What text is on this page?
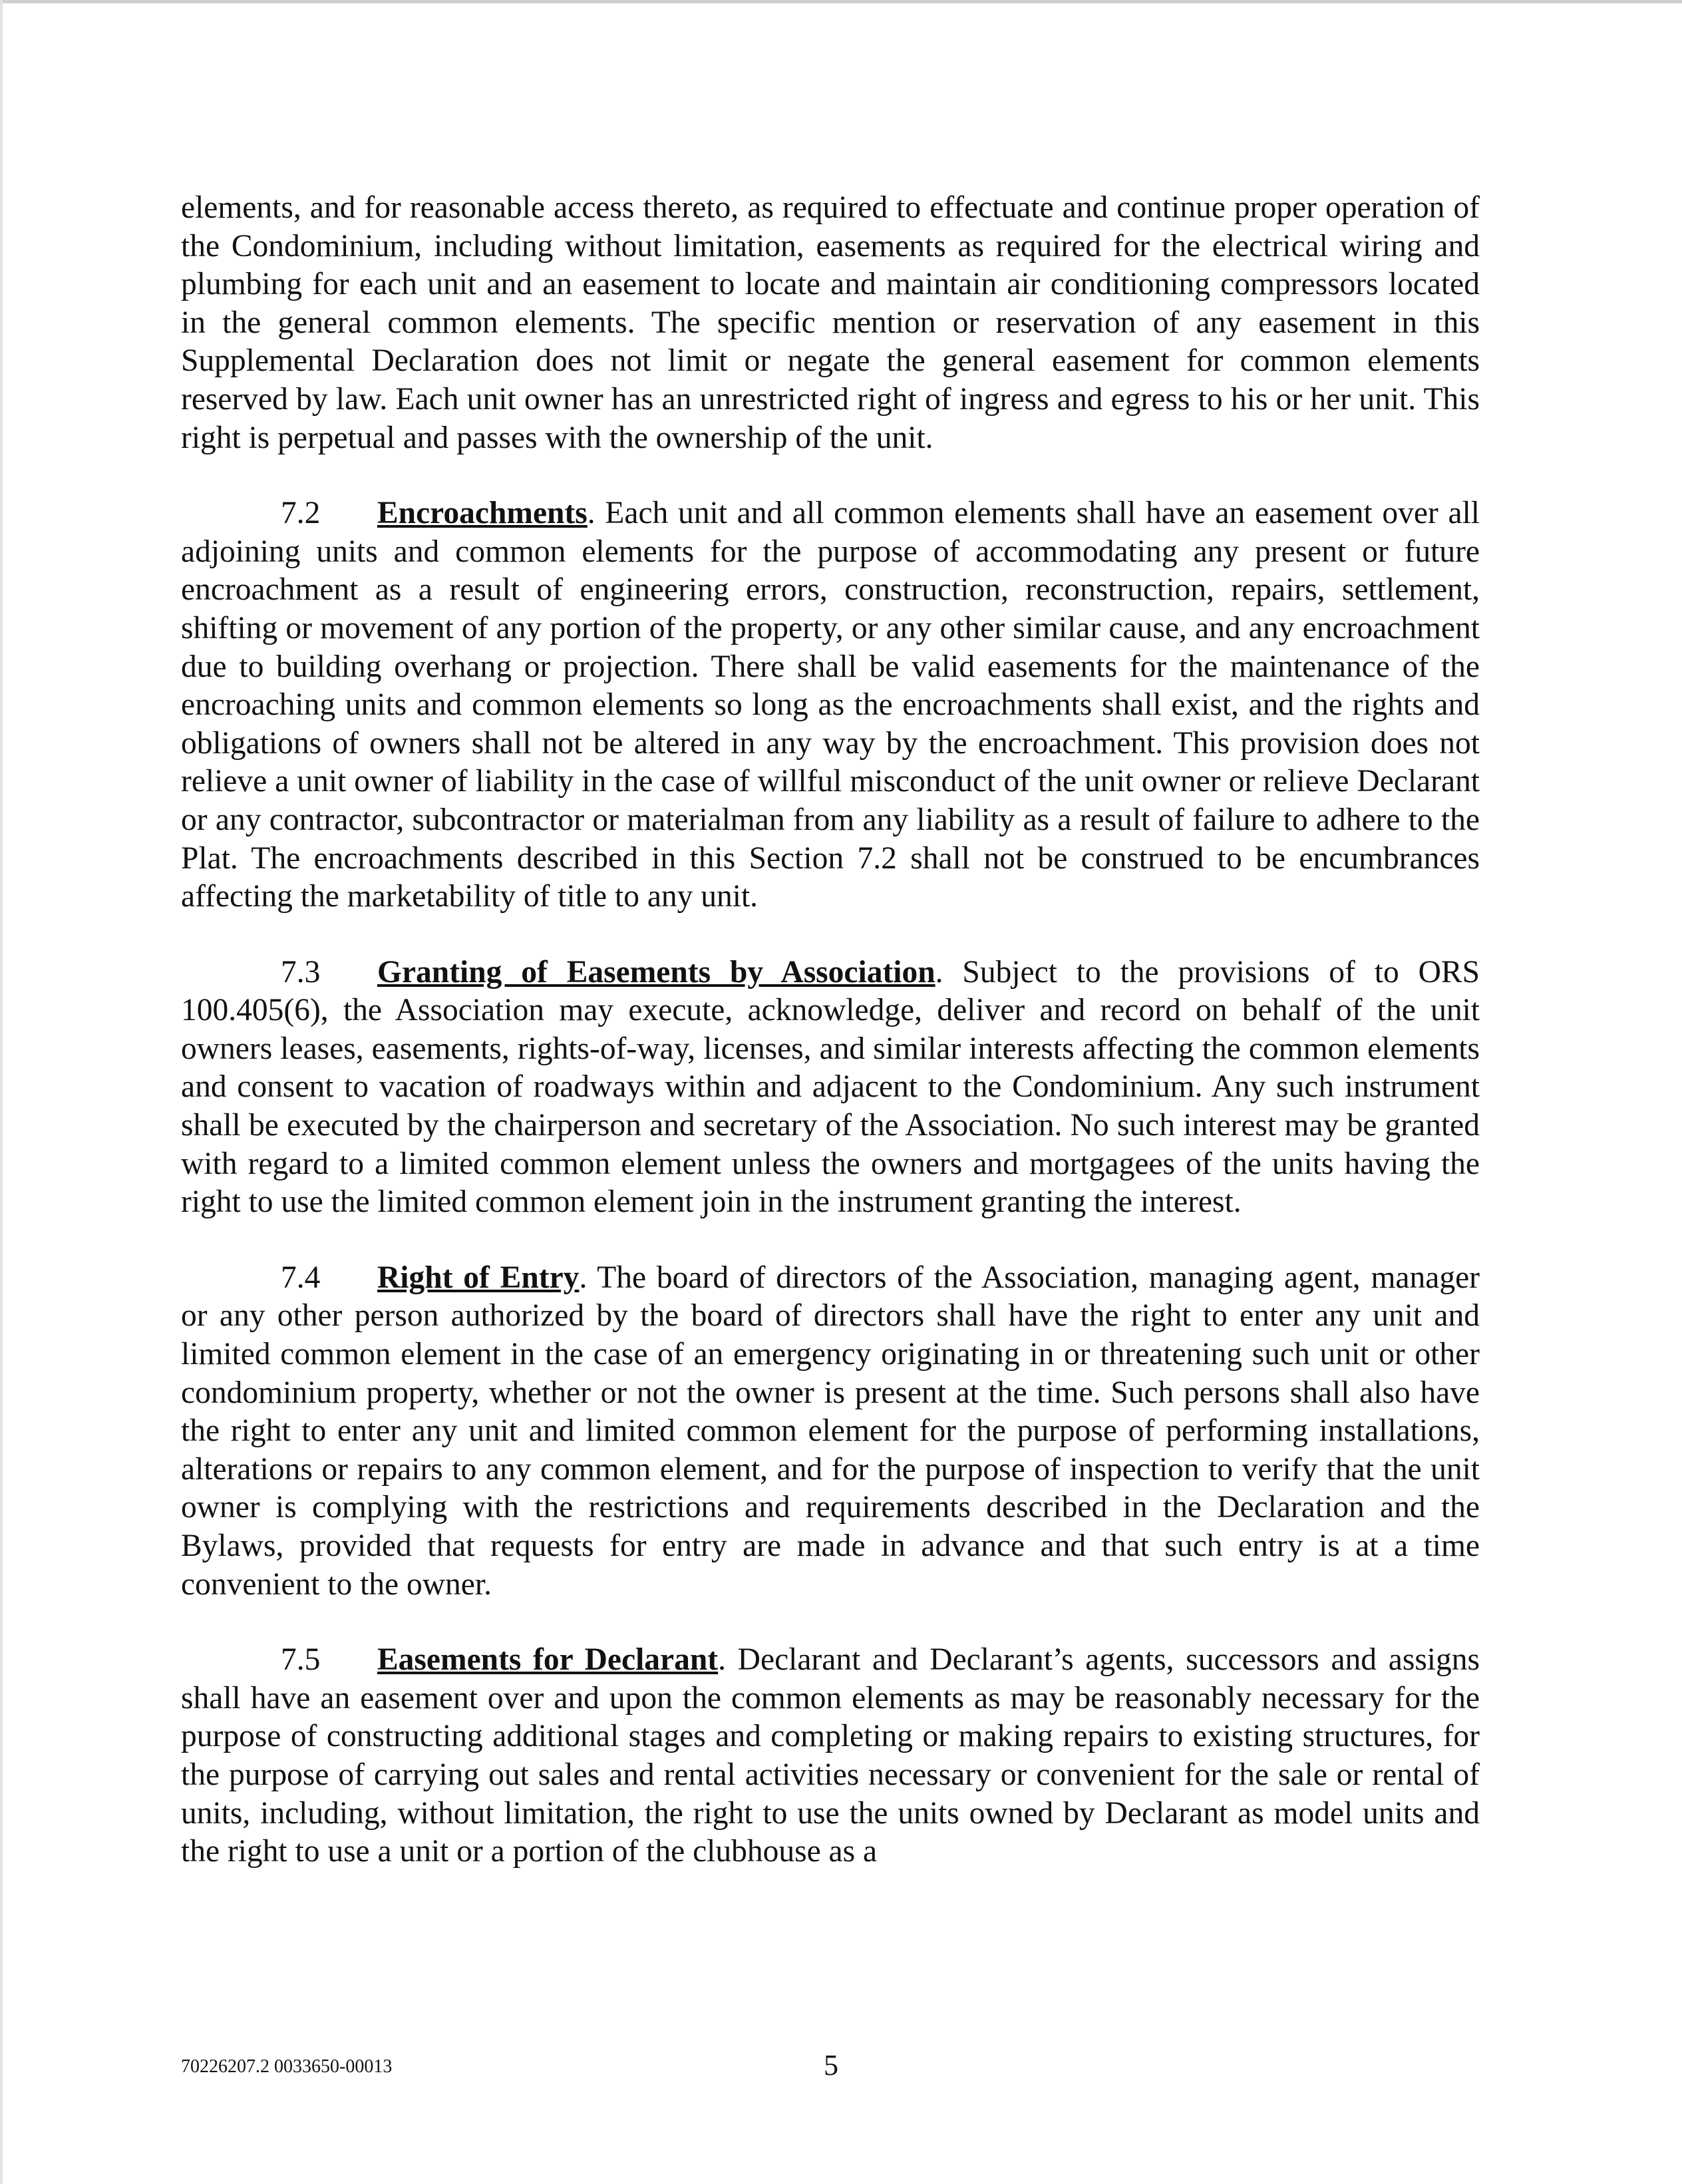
elements, and for reasonable access thereto, as required to effectuate and continue proper operation of the Condominium, including without limitation, easements as required for the electrical wiring and plumbing for each unit and an easement to locate and maintain air conditioning compressors located in the general common elements. The specific mention or reservation of any easement in this Supplemental Declaration does not limit or negate the general easement for common elements reserved by law. Each unit owner has an unrestricted right of ingress and egress to his or her unit. This right is perpetual and passes with the ownership of the unit.

7.2 Encroachments. Each unit and all common elements shall have an easement over all adjoining units and common elements for the purpose of accommodating any present or future encroachment as a result of engineering errors, construction, reconstruction, repairs, settlement, shifting or movement of any portion of the property, or any other similar cause, and any encroachment due to building overhang or projection. There shall be valid easements for the maintenance of the encroaching units and common elements so long as the encroachments shall exist, and the rights and obligations of owners shall not be altered in any way by the encroachment. This provision does not relieve a unit owner of liability in the case of willful misconduct of the unit owner or relieve Declarant or any contractor, subcontractor or materialman from any liability as a result of failure to adhere to the Plat. The encroachments described in this Section 7.2 shall not be construed to be encumbrances affecting the marketability of title to any unit.

7.3 Granting of Easements by Association. Subject to the provisions of to ORS 100.405(6), the Association may execute, acknowledge, deliver and record on behalf of the unit owners leases, easements, rights-of-way, licenses, and similar interests affecting the common elements and consent to vacation of roadways within and adjacent to the Condominium. Any such instrument shall be executed by the chairperson and secretary of the Association. No such interest may be granted with regard to a limited common element unless the owners and mortgagees of the units having the right to use the limited common element join in the instrument granting the interest.

7.4 Right of Entry. The board of directors of the Association, managing agent, manager or any other person authorized by the board of directors shall have the right to enter any unit and limited common element in the case of an emergency originating in or threatening such unit or other condominium property, whether or not the owner is present at the time. Such persons shall also have the right to enter any unit and limited common element for the purpose of performing installations, alterations or repairs to any common element, and for the purpose of inspection to verify that the unit owner is complying with the restrictions and requirements described in the Declaration and the Bylaws, provided that requests for entry are made in advance and that such entry is at a time convenient to the owner.

7.5 Easements for Declarant. Declarant and Declarant’s agents, successors and assigns shall have an easement over and upon the common elements as may be reasonably necessary for the purpose of constructing additional stages and completing or making repairs to existing structures, for the purpose of carrying out sales and rental activities necessary or convenient for the sale or rental of units, including, without limitation, the right to use the units owned by Declarant as model units and the right to use a unit or a portion of the clubhouse as a

70226207.2 0033650-00013	5
